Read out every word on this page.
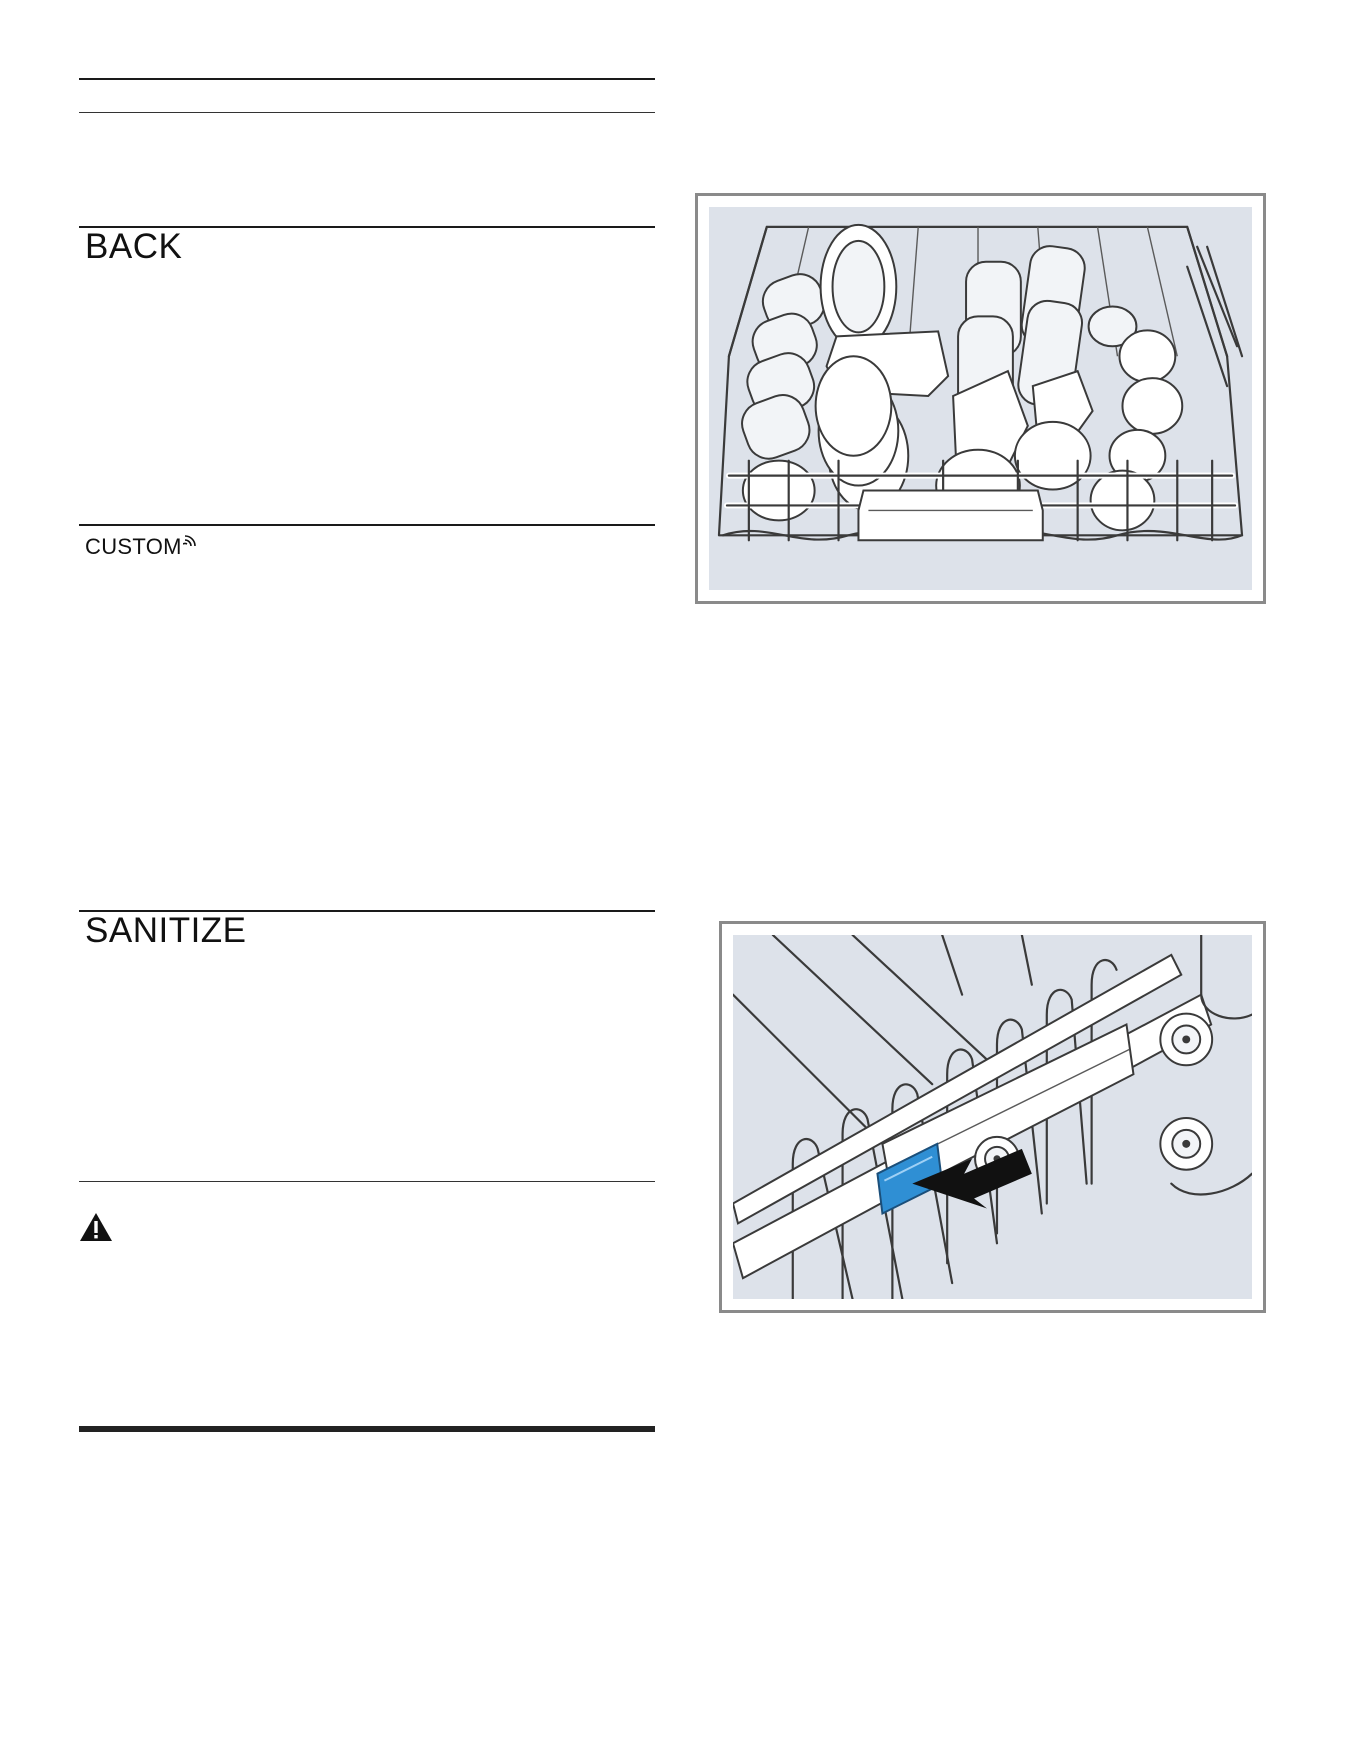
BACK
CUSTOM
SANITIZE
